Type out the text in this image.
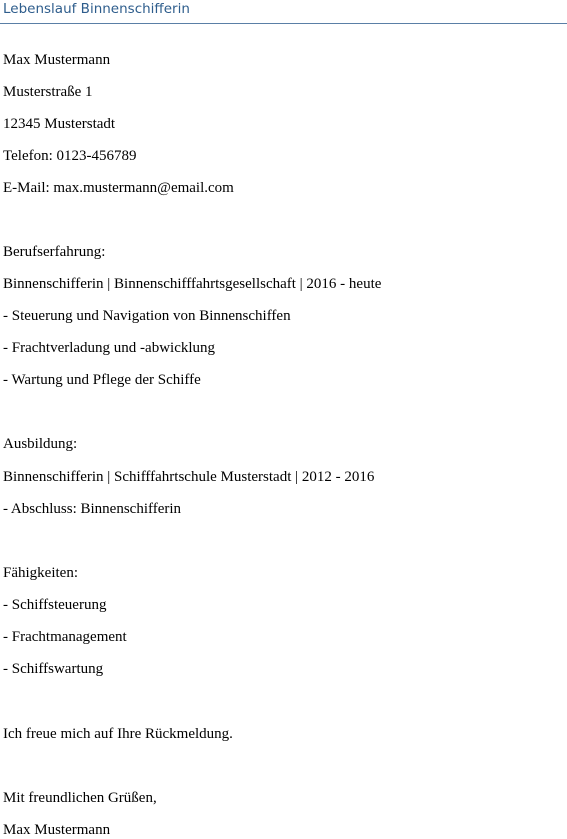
Lebenslauf Binnenschifferin
Max Mustermann
Musterstraße 1
12345 Musterstadt
Telefon: 0123-456789
E-Mail: max.mustermann@email.com
Berufserfahrung:
Binnenschifferin | Binnenschifffahrtsgesellschaft | 2016 - heute
- Steuerung und Navigation von Binnenschiffen
- Frachtverladung und -abwicklung
- Wartung und Pflege der Schiffe
Ausbildung:
Binnenschifferin | Schifffahrtschule Musterstadt | 2012 - 2016
- Abschluss: Binnenschifferin
Fähigkeiten:
- Schiffsteuerung
- Frachtmanagement
- Schiffswartung
Ich freue mich auf Ihre Rückmeldung.
Mit freundlichen Grüßen,
Max Mustermann
